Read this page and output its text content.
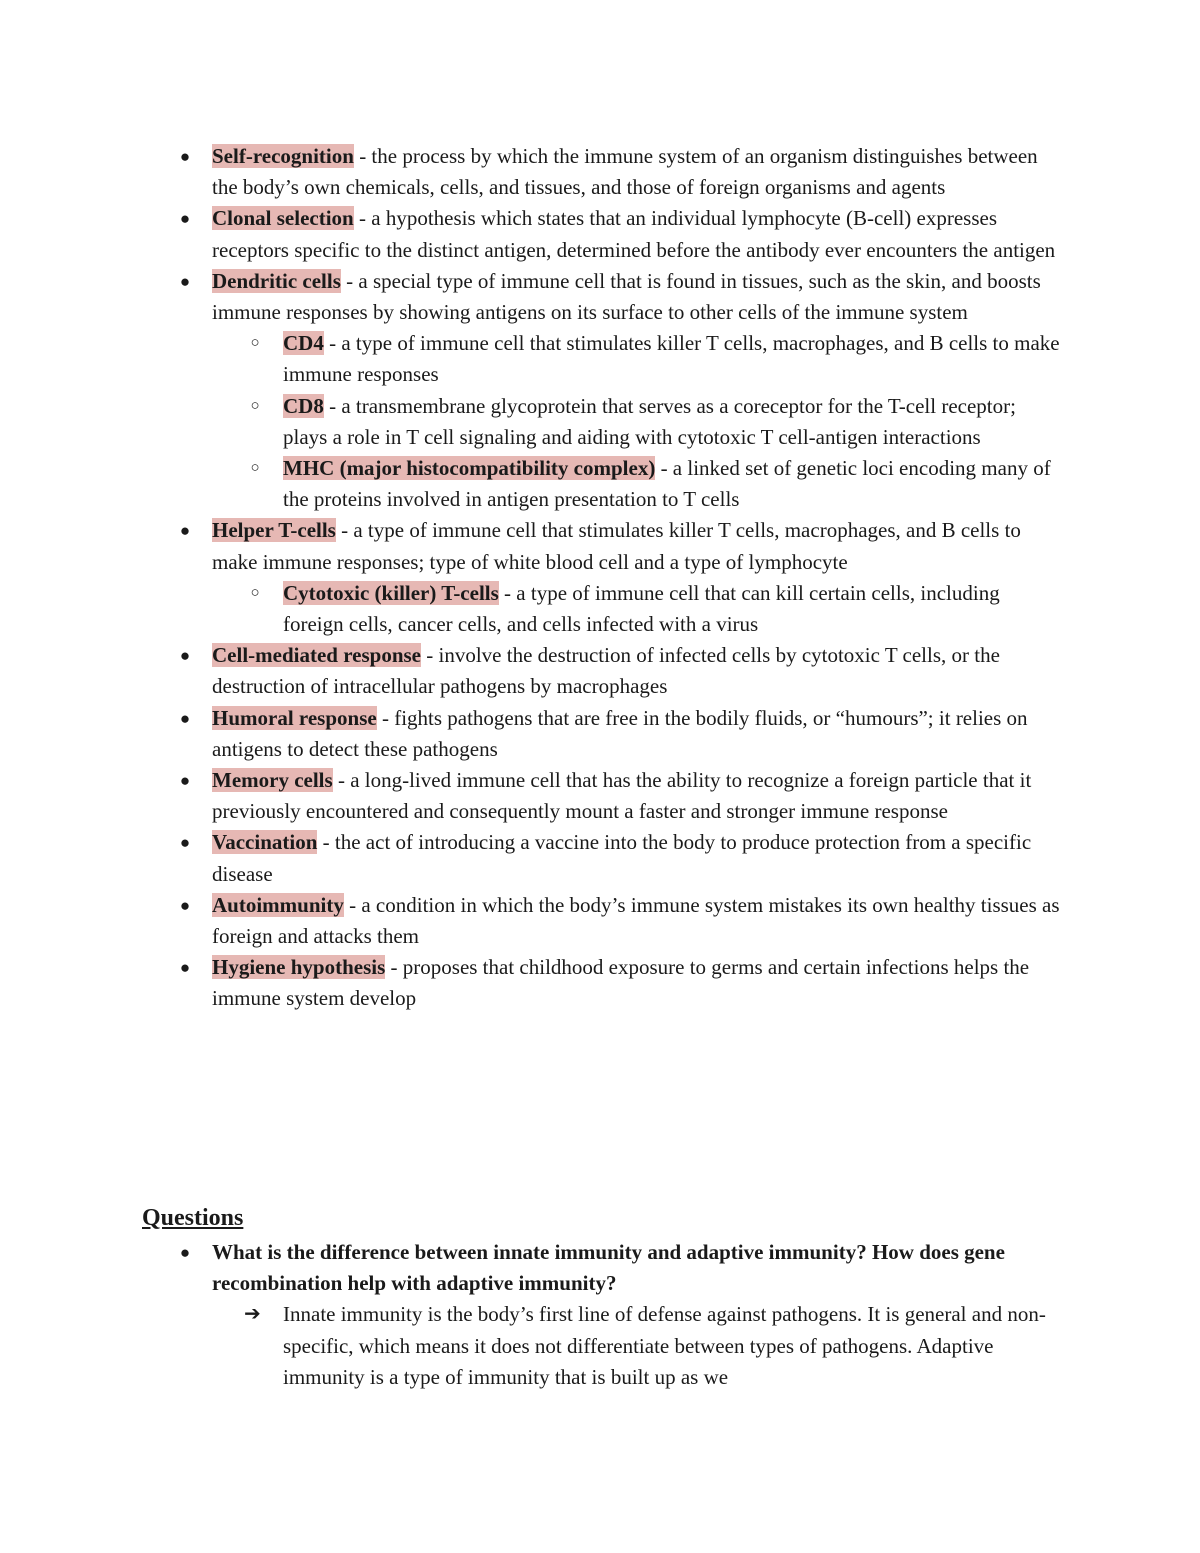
● Self-recognition - the process by which the immune system of an organism distinguishes between the body’s own chemicals, cells, and tissues, and those of foreign organisms and agents
● Clonal selection - a hypothesis which states that an individual lymphocyte (B-cell) expresses receptors specific to the distinct antigen, determined before the antibody ever encounters the antigen
● Dendritic cells - a special type of immune cell that is found in tissues, such as the skin, and boosts immune responses by showing antigens on its surface to other cells of the immune system
○ CD4 - a type of immune cell that stimulates killer T cells, macrophages, and B cells to make immune responses
○ CD8 - a transmembrane glycoprotein that serves as a coreceptor for the T-cell receptor; plays a role in T cell signaling and aiding with cytotoxic T cell-antigen interactions
○ MHC (major histocompatibility complex) - a linked set of genetic loci encoding many of the proteins involved in antigen presentation to T cells
● Helper T-cells - a type of immune cell that stimulates killer T cells, macrophages, and B cells to make immune responses; type of white blood cell and a type of lymphocyte
○ Cytotoxic (killer) T-cells - a type of immune cell that can kill certain cells, including foreign cells, cancer cells, and cells infected with a virus
● Cell-mediated response - involve the destruction of infected cells by cytotoxic T cells, or the destruction of intracellular pathogens by macrophages
● Humoral response - fights pathogens that are free in the bodily fluids, or “humours”; it relies on antigens to detect these pathogens
● Memory cells - a long-lived immune cell that has the ability to recognize a foreign particle that it previously encountered and consequently mount a faster and stronger immune response
● Vaccination - the act of introducing a vaccine into the body to produce protection from a specific disease
● Autoimmunity - a condition in which the body’s immune system mistakes its own healthy tissues as foreign and attacks them
● Hygiene hypothesis - proposes that childhood exposure to germs and certain infections helps the immune system develop
Questions
● What is the difference between innate immunity and adaptive immunity? How does gene recombination help with adaptive immunity?
➔ Innate immunity is the body’s first line of defense against pathogens. It is general and non-specific, which means it does not differentiate between types of pathogens. Adaptive immunity is a type of immunity that is built up as we
